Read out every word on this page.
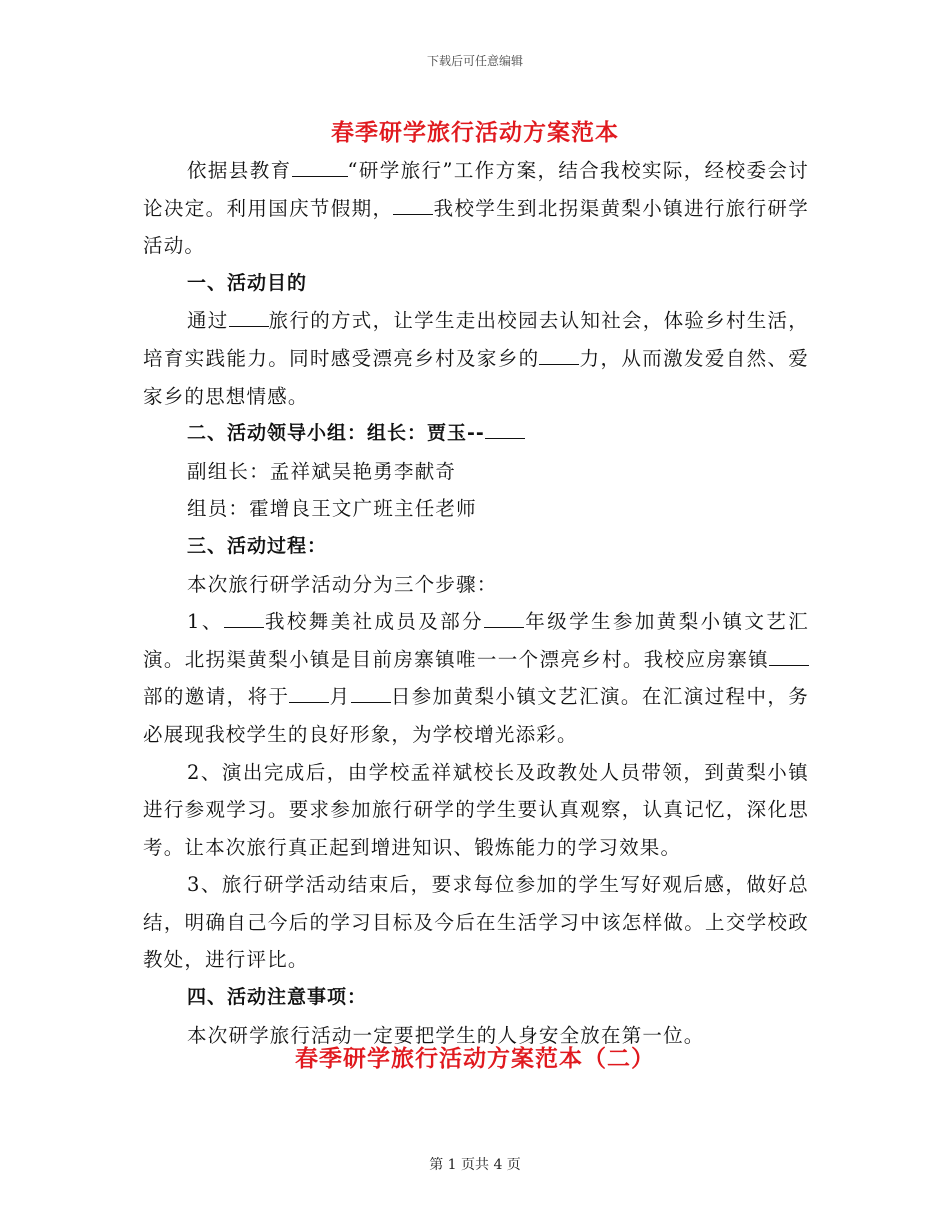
下载后可任意编辑
春季研学旅行活动方案范本

依据县教育	“研学旅行”工作方案，结合我校实际，经校委会讨论决定。利用国庆节假期， 我校学生到北拐渠黄梨小镇进行旅行研学活动。

一、活动目的

通过 旅行的方式，让学生走出校园去认知社会，体验乡村生活，培育实践能力。同时感受漂亮乡村及家乡的 力，从而激发爱自然、爱家乡的思想情感。

二、活动领导小组：组长：贾玉--

副组长：孟祥斌吴艳勇李献奇

组员：霍增良王文广班主任老师

三、活动过程：

本次旅行研学活动分为三个步骤：

1、 我校舞美社成员及部分 年级学生参加黄梨小镇文艺汇演。北拐渠黄梨小镇是目前房寨镇唯一一个漂亮乡村。我校应房寨镇部的邀请，将于 月 日参加黄梨小镇文艺汇演。在汇演过程中，务必展现我校学生的良好形象，为学校增光添彩。

2、演出完成后，由学校孟祥斌校长及政教处人员带领，到黄梨小镇进行参观学习。要求参加旅行研学的学生要认真观察，认真记忆，深化思考。让本次旅行真正起到增进知识、锻炼能力的学习效果。

3、旅行研学活动结束后，要求每位参加的学生写好观后感，做好总结，明确自己今后的学习目标及今后在生活学习中该怎样做。上交学校政教处，进行评比。

四、活动注意事项：

本次研学旅行活动一定要把学生的人身安全放在第一位。

春季研学旅行活动方案范本（二）
第 1 页共 4 页
